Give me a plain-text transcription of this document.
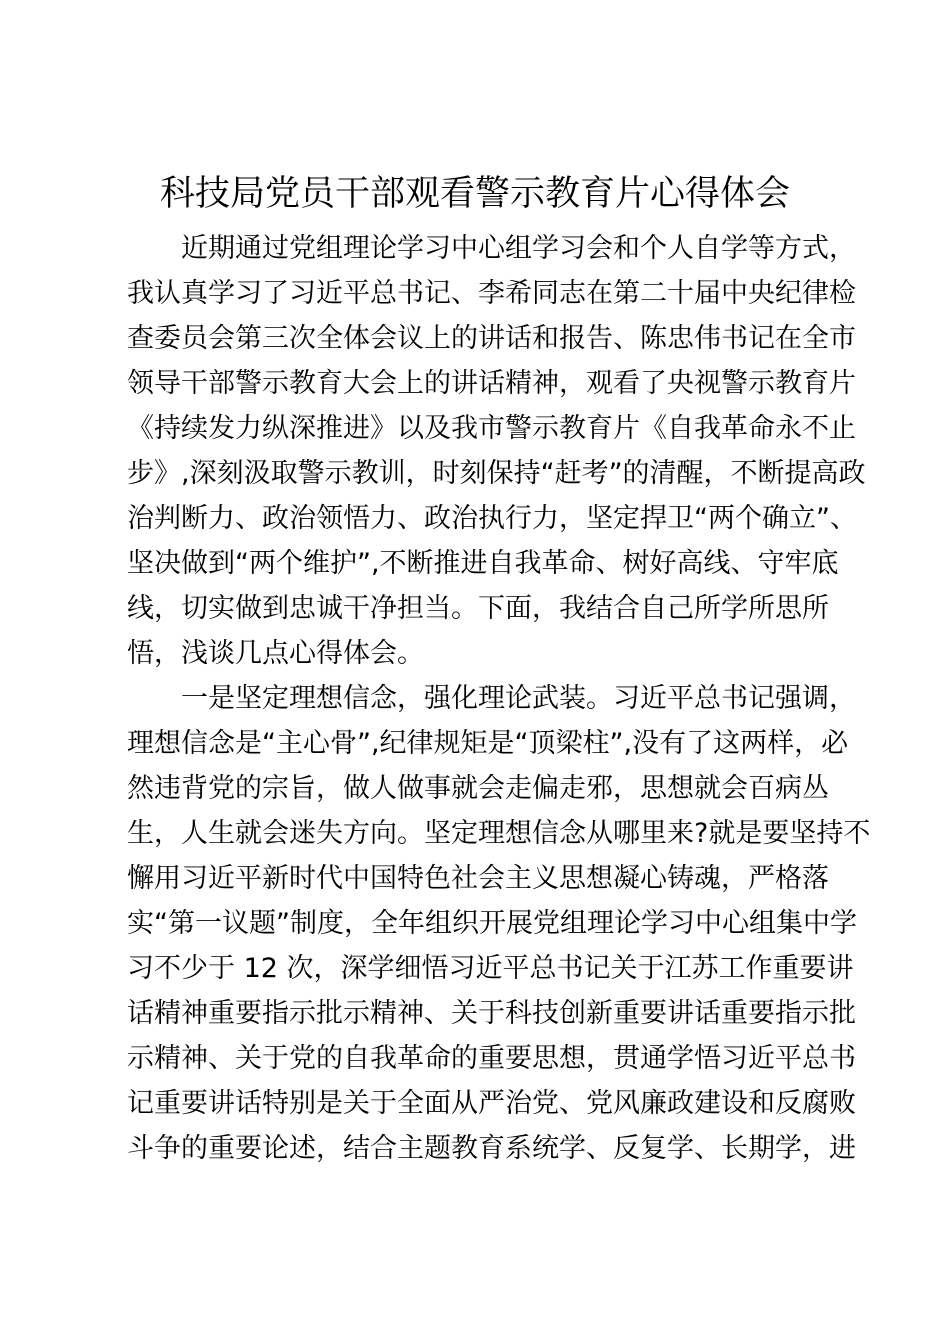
科技局党员干部观看警示教育片心得体会

近期通过党组理论学习中心组学习会和个人自学等方式，

我认真学习了习近平总书记、李希同志在第二十届中央纪律检

查委员会第三次全体会议上的讲话和报告、陈忠伟书记在全市

领导干部警示教育大会上的讲话精神，观看了央视警示教育片

《持续发力纵深推进》以及我市警示教育片《自我革命永不止

步》,深刻汲取警示教训，时刻保持“赶考”的清醒，不断提高政

治判断力、政治领悟力、政治执行力，坚定捍卫“两个确立”、

坚决做到“两个维护”,不断推进自我革命、树好高线、守牢底

线，切实做到忠诚干净担当。下面，我结合自己所学所思所

悟，浅谈几点心得体会。

一是坚定理想信念，强化理论武装。习近平总书记强调，

理想信念是“主心骨”,纪律规矩是“顶梁柱”,没有了这两样，必

然违背党的宗旨，做人做事就会走偏走邪，思想就会百病丛

生，人生就会迷失方向。坚定理想信念从哪里来?就是要坚持不

懈用习近平新时代中国特色社会主义思想凝心铸魂，严格落

实“第一议题”制度，全年组织开展党组理论学习中心组集中学

习不少于 12 次，深学细悟习近平总书记关于江苏工作重要讲

话精神重要指示批示精神、关于科技创新重要讲话重要指示批

示精神、关于党的自我革命的重要思想，贯通学悟习近平总书

记重要讲话特别是关于全面从严治党、党风廉政建设和反腐败

斗争的重要论述，结合主题教育系统学、反复学、长期学，进
